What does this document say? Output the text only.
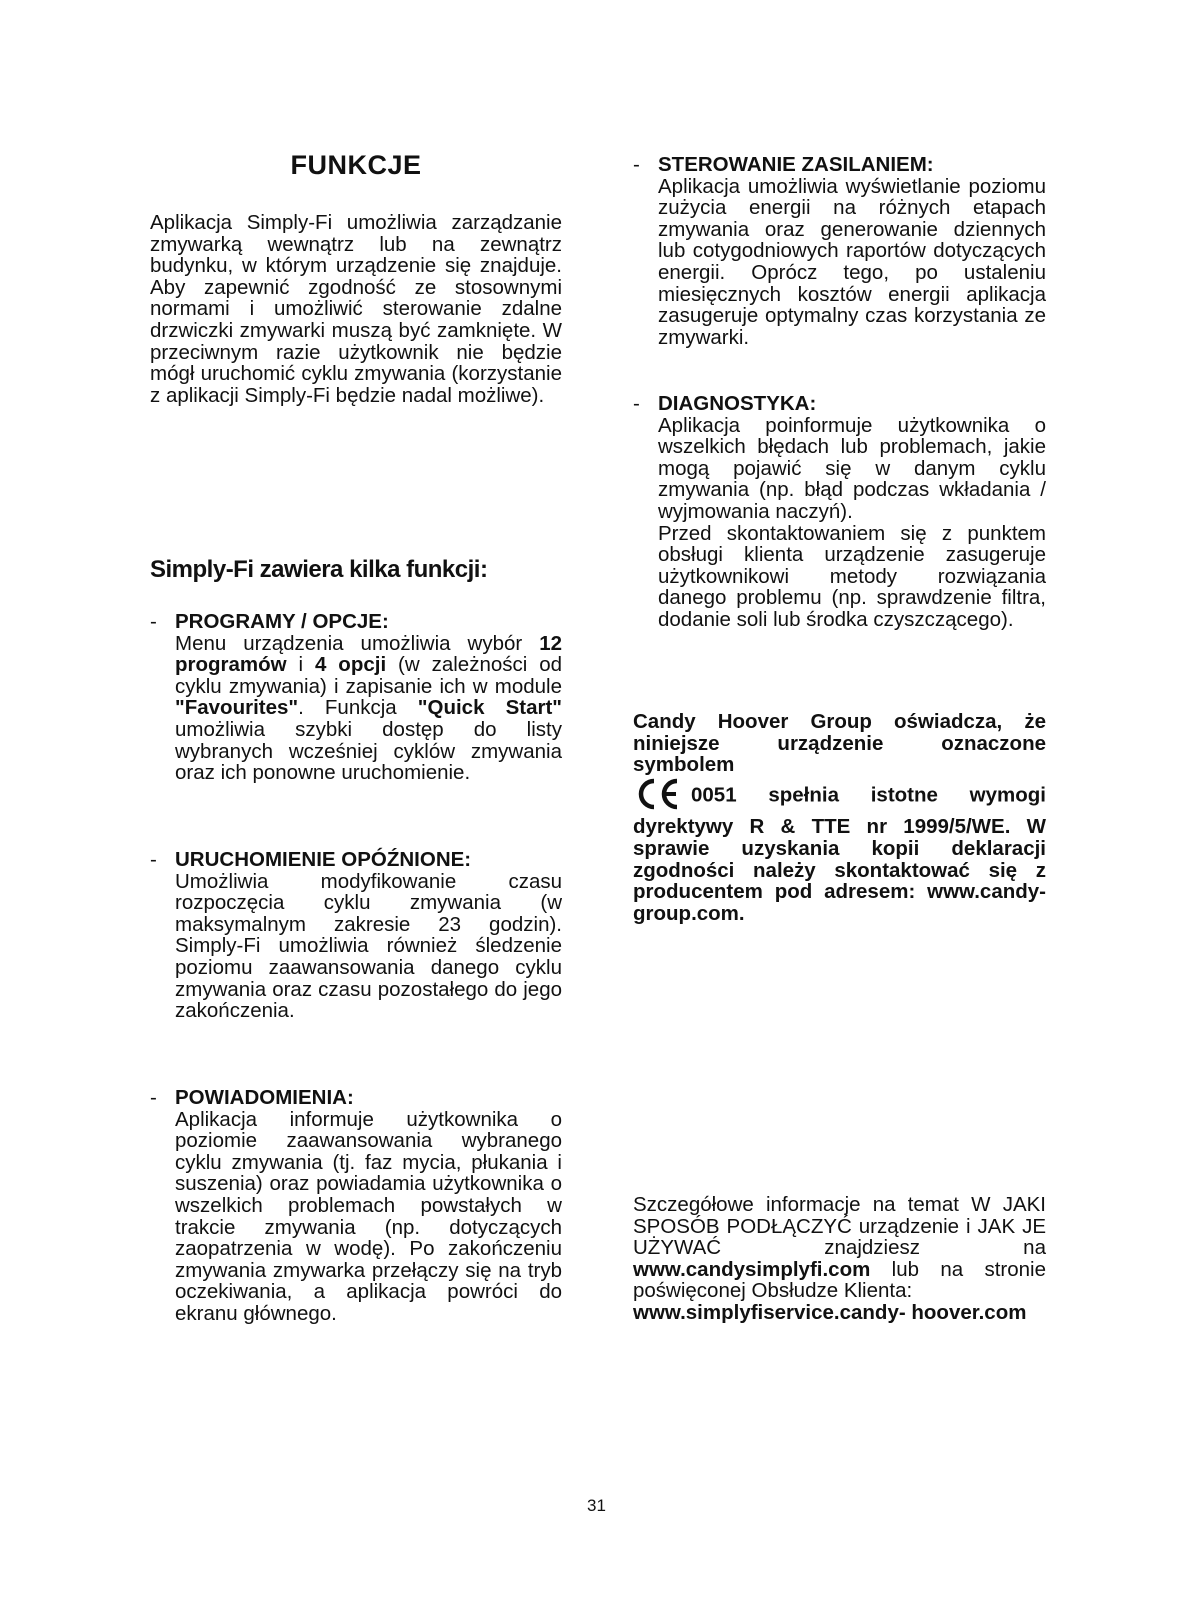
FUNKCJE

Aplikacja Simply-Fi umożliwia zarządzanie zmywarką wewnątrz lub na zewnątrz budynku, w którym urządzenie się znajduje. Aby zapewnić zgodność ze stosownymi normami i umożliwić sterowanie zdalne drzwiczki zmywarki muszą być zamknięte. W przeciwnym razie użytkownik nie będzie mógł uruchomić cyklu zmywania (korzystanie z aplikacji Simply-Fi będzie nadal możliwe).

Simply-Fi zawiera kilka funkcji:
- PROGRAMY / OPCJE:

Menu urządzenia umożliwia wybór 12 programów i 4 opcji (w zależności od cyklu zmywania) i zapisanie ich w module "Favourites". Funkcja "Quick Start" umożliwia szybki dostęp do listy wybranych wcześniej cyklów zmywania oraz ich ponowne uruchomienie.

- URUCHOMIENIE OPÓŹNIONE:

Umożliwia modyfikowanie czasu rozpoczęcia cyklu zmywania (w maksymalnym zakresie 23 godzin). Simply-Fi umożliwia również śledzenie poziomu zaawansowania danego cyklu zmywania oraz czasu pozostałego do jego zakończenia.

- POWIADOMIENIA:

Aplikacja informuje użytkownika o poziomie zaawansowania wybranego cyklu zmywania (tj. faz mycia, płukania i suszenia) oraz powiadamia użytkownika o wszelkich problemach powstałych w trakcie zmywania (np. dotyczących zaopatrzenia w wodę). Po zakończeniu zmywania zmywarka przełączy się na tryb oczekiwania, a aplikacja powróci do ekranu głównego.

- STEROWANIE ZASILANIEM:

Aplikacja umożliwia wyświetlanie poziomu zużycia energii na różnych etapach zmywania oraz generowanie dziennych lub cotygodniowych raportów dotyczących energii. Oprócz tego, po ustaleniu miesięcznych kosztów energii aplikacja zasugeruje optymalny czas korzystania ze zmywarki.

- DIAGNOSTYKA:

Aplikacja poinformuje użytkownika o wszelkich błędach lub problemach, jakie mogą pojawić się w danym cyklu zmywania (np. błąd podczas wkładania / wyjmowania naczyń).

Przed skontaktowaniem się z punktem obsługi klienta urządzenie zasugeruje użytkownikowi metody rozwiązania danego problemu (np. sprawdzenie filtra, dodanie soli lub środka czyszczącego).

Candy Hoover Group oświadcza, że niniejsze urządzenie oznaczone symbolem

0051 spełnia istotne wymogi dyrektywy R & TTE nr 1999/5/WE. W sprawie uzyskania kopii deklaracji zgodności należy skontaktować się z producentem pod adresem: www.candy-group.com.

Szczegółowe informacje na temat W JAKI SPOSÓB PODŁĄCZYĆ urządzenie i JAK JE UŻYWAĆ znajdziesz na www.candysimplyfi.com lub na stronie poświęconej Obsłudze Klienta:
www.simplyfiservice.candy- hoover.com

31
